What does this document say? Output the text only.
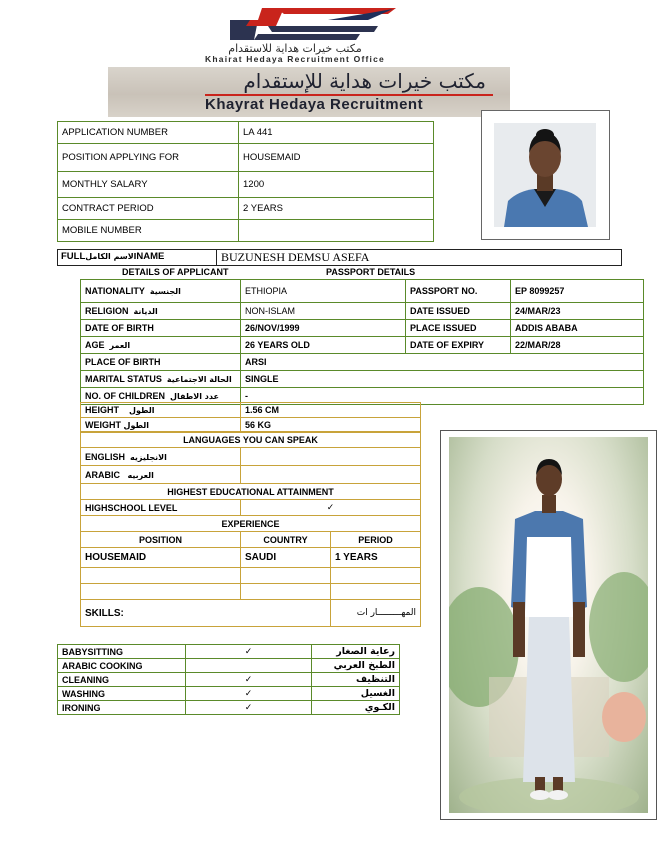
مكتب خيرات هداية للاستقدام
Khairat Hedaya Recruitment Office
مكتب خيرات هداية للإستقدام
Khayrat Hedaya Recruitment
APPLICATION NUMBER	LA 441
POSITION APPLYING FOR	HOUSEMAID
MONTHLY SALARY	1200
CONTRACT PERIOD	2 YEARS
MOBILE NUMBER	
FULLالاسم الكاملNAME	BUZUNESH DEMSU ASEFA
DETAILS OF APPLICANT	PASSPORT DETAILS
NATIONALITY الجنسية	ETHIOPIA	PASSPORT NO.	EP 8099257
RELIGION الديانة	NON-ISLAM	DATE ISSUED	24/MAR/23
DATE OF BIRTH	26/NOV/1999	PLACE ISSUED	ADDIS ABABA
AGE العمر	26 YEARS OLD	DATE OF EXPIRY	22/MAR/28
PLACE OF BIRTH	ARSI		
MARITAL STATUS الحالة الاجتماعية	SINGLE		
NO. OF CHILDREN عدد الاطفال	-		
HEIGHT الطول	1.56 CM
WEIGHT الطول	56 KG
LANGUAGES YOU CAN SPEAK		
ENGLISH الانجليزيه		
ARABIC العربيه		
HIGHEST EDUCATIONAL ATTAINMENT		
HIGHSCHOOL LEVEL	✓	
EXPERIENCE		
POSITION	COUNTRY	PERIOD
HOUSEMAID	SAUDI	1 YEARS

SKILLS:		المهـــــــــار ات
BABYSITTING	✓	رعاية الصغار
ARABIC COOKING		الطبخ العربي
CLEANING	✓	التنظيف
WASHING	✓	الغسيل
IRONING	✓	الكـوي
